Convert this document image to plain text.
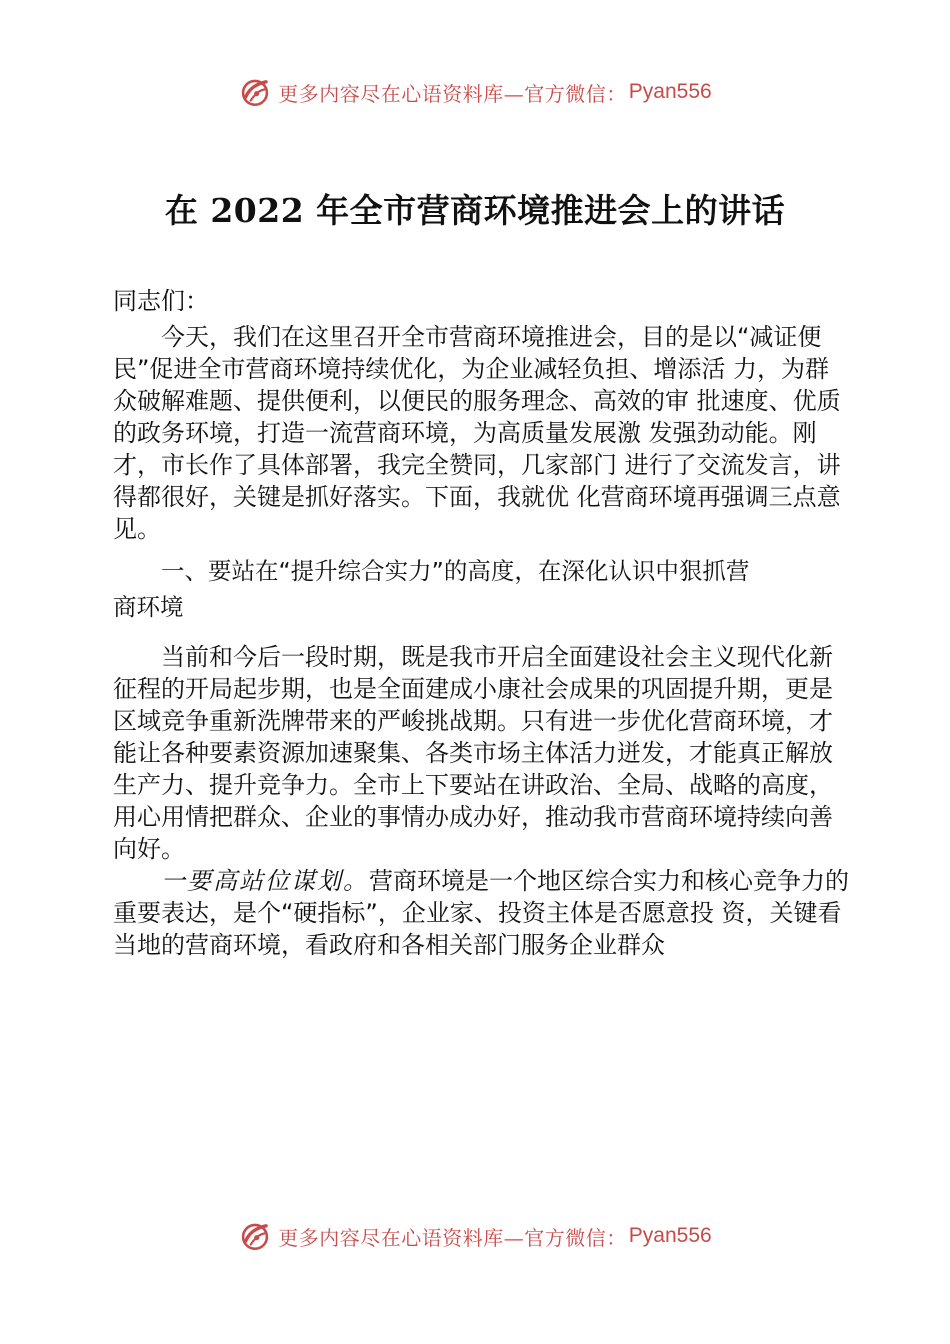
更多内容尽在心语资料库—官方微信： Pyan556
在 2022 年全市营商环境推进会上的讲话

同志们：

今天，我们在这里召开全市营商环境推进会，目的是以“减证便民”促进全市营商环境持续优化，为企业减轻负担、增添活 力，为群众破解难题、提供便利，以便民的服务理念、高效的审 批速度、优质的政务环境，打造一流营商环境，为高质量发展激 发强劲动能。刚才，市长作了具体部署，我完全赞同，几家部门 进行了交流发言，讲得都很好，关键是抓好落实。下面，我就优 化营商环境再强调三点意见。

一、要站在“提升综合实力”的高度，在深化认识中狠抓营

商环境

当前和今后一段时期，既是我市开启全面建设社会主义现代化新征程的开局起步期，也是全面建成小康社会成果的巩固提升期，更是区域竞争重新洗牌带来的严峻挑战期。只有进一步优化营商环境，才能让各种要素资源加速聚集、各类市场主体活力迸发，才能真正解放生产力、提升竞争力。全市上下要站在讲政治、全局、战略的高度，用心用情把群众、企业的事情办成办好，推动我市营商环境持续向善向好。

一要高站位谋划。营商环境是一个地区综合实力和核心竞争力的重要表达，是个“硬指标”，企业家、投资主体是否愿意投 资，关键看当地的营商环境，看政府和各相关部门服务企业群众

更多内容尽在心语资料库—官方微信： Pyan556
